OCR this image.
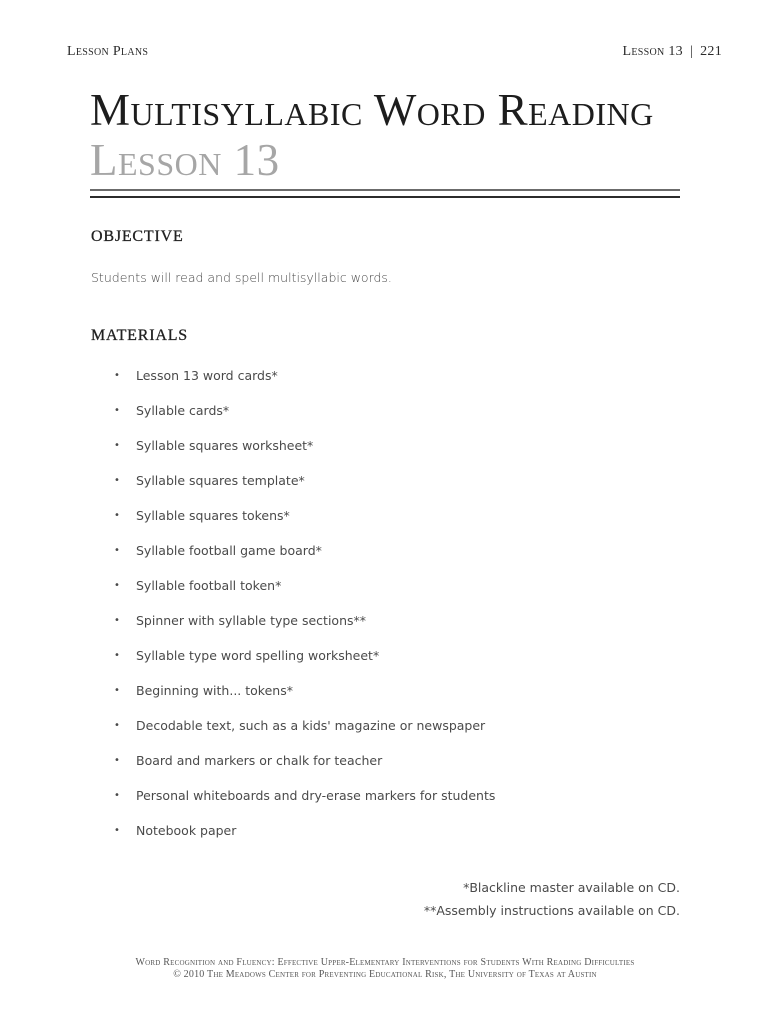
Lesson Plans	Lesson 13 | 221
Multisyllabic Word Reading
Lesson 13
OBJECTIVE
Students will read and spell multisyllabic words.
MATERIALS
• Lesson 13 word cards*
• Syllable cards*
• Syllable squares worksheet*
• Syllable squares template*
• Syllable squares tokens*
• Syllable football game board*
• Syllable football token*
• Spinner with syllable type sections**
• Syllable type word spelling worksheet*
• Beginning with... tokens*
• Decodable text, such as a kids' magazine or newspaper
• Board and markers or chalk for teacher
• Personal whiteboards and dry-erase markers for students
• Notebook paper
*Blackline master available on CD.
**Assembly instructions available on CD.
Word Recognition and Fluency: Effective Upper-Elementary Interventions for Students With Reading Difficulties
© 2010 The Meadows Center for Preventing Educational Risk, The University of Texas at Austin
